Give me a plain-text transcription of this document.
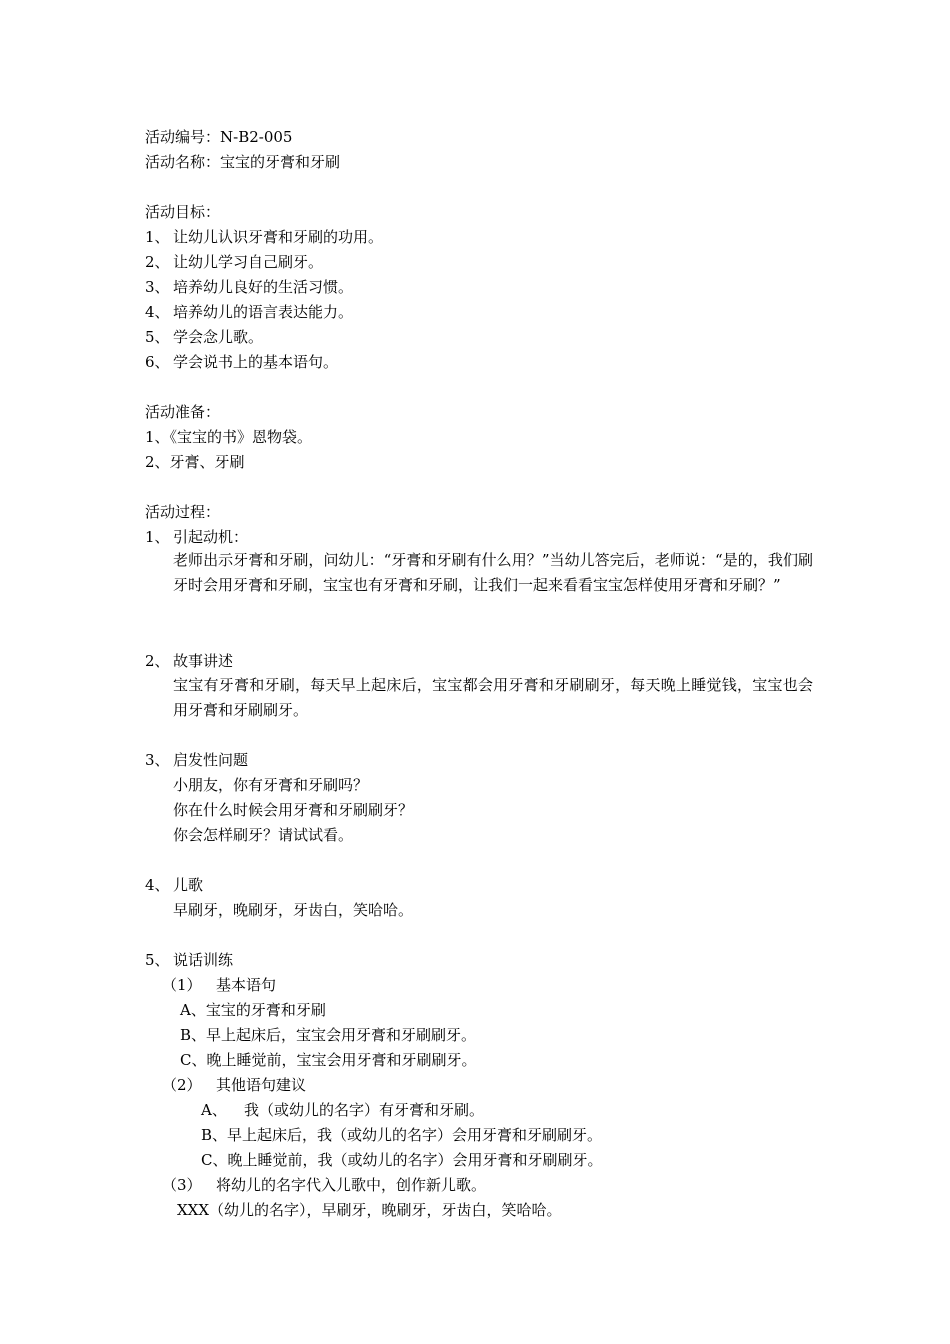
活动编号：N-B2-005
活动名称：宝宝的牙膏和牙刷
活动目标：
1、 让幼儿认识牙膏和牙刷的功用。
2、 让幼儿学习自己刷牙。
3、 培养幼儿良好的生活习惯。
4、 培养幼儿的语言表达能力。
5、 学会念儿歌。
6、 学会说书上的基本语句。
活动准备：
1、《宝宝的书》恩物袋。
2、牙膏、牙刷
活动过程：
1、 引起动机：
老师出示牙膏和牙刷，问幼儿：“牙膏和牙刷有什么用？”当幼儿答完后，老师说：“是的，我们刷牙时会用牙膏和牙刷，宝宝也有牙膏和牙刷，让我们一起来看看宝宝怎样使用牙膏和牙刷？”
2、 故事讲述
宝宝有牙膏和牙刷，每天早上起床后，宝宝都会用牙膏和牙刷刷牙，每天晚上睡觉钱，宝宝也会用牙膏和牙刷刷牙。
3、 启发性问题
小朋友，你有牙膏和牙刷吗？
你在什么时候会用牙膏和牙刷刷牙？
你会怎样刷牙？请试试看。
4、 儿歌
早刷牙，晚刷牙，牙齿白，笑哈哈。
5、 说话训练
（1） 基本语句
A、宝宝的牙膏和牙刷
B、早上起床后，宝宝会用牙膏和牙刷刷牙。
C、晚上睡觉前，宝宝会用牙膏和牙刷刷牙。
（2） 其他语句建议
A、 我（或幼儿的名字）有牙膏和牙刷。
B、早上起床后，我（或幼儿的名字）会用牙膏和牙刷刷牙。
C、晚上睡觉前，我（或幼儿的名字）会用牙膏和牙刷刷牙。
（3） 将幼儿的名字代入儿歌中，创作新儿歌。
XXX（幼儿的名字），早刷牙，晚刷牙，牙齿白，笑哈哈。
